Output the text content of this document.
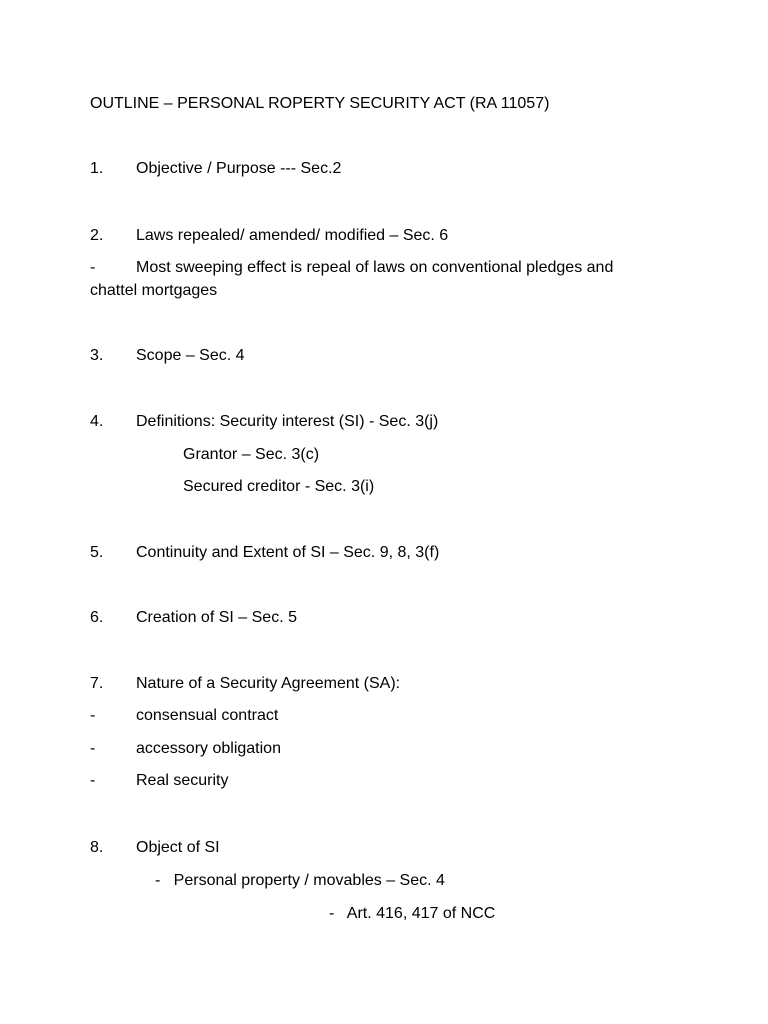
OUTLINE – PERSONAL ROPERTY SECURITY ACT (RA 11057)
1. Objective / Purpose --- Sec.2
2. Laws repealed/ amended/ modified – Sec. 6
-	Most sweeping effect is repeal of laws on conventional pledges and
chattel mortgages
3. Scope – Sec. 4
4. Definitions: Security interest (SI) - Sec. 3(j)
Grantor – Sec. 3(c)
Secured creditor - Sec. 3(i)
5. Continuity and Extent of SI – Sec. 9, 8, 3(f)
6. Creation of SI – Sec. 5
7. Nature of a Security Agreement (SA):
-	consensual contract
-	accessory obligation
-	Real security
8. Object of SI
-   Personal property / movables – Sec. 4
-   Art. 416, 417 of NCC
